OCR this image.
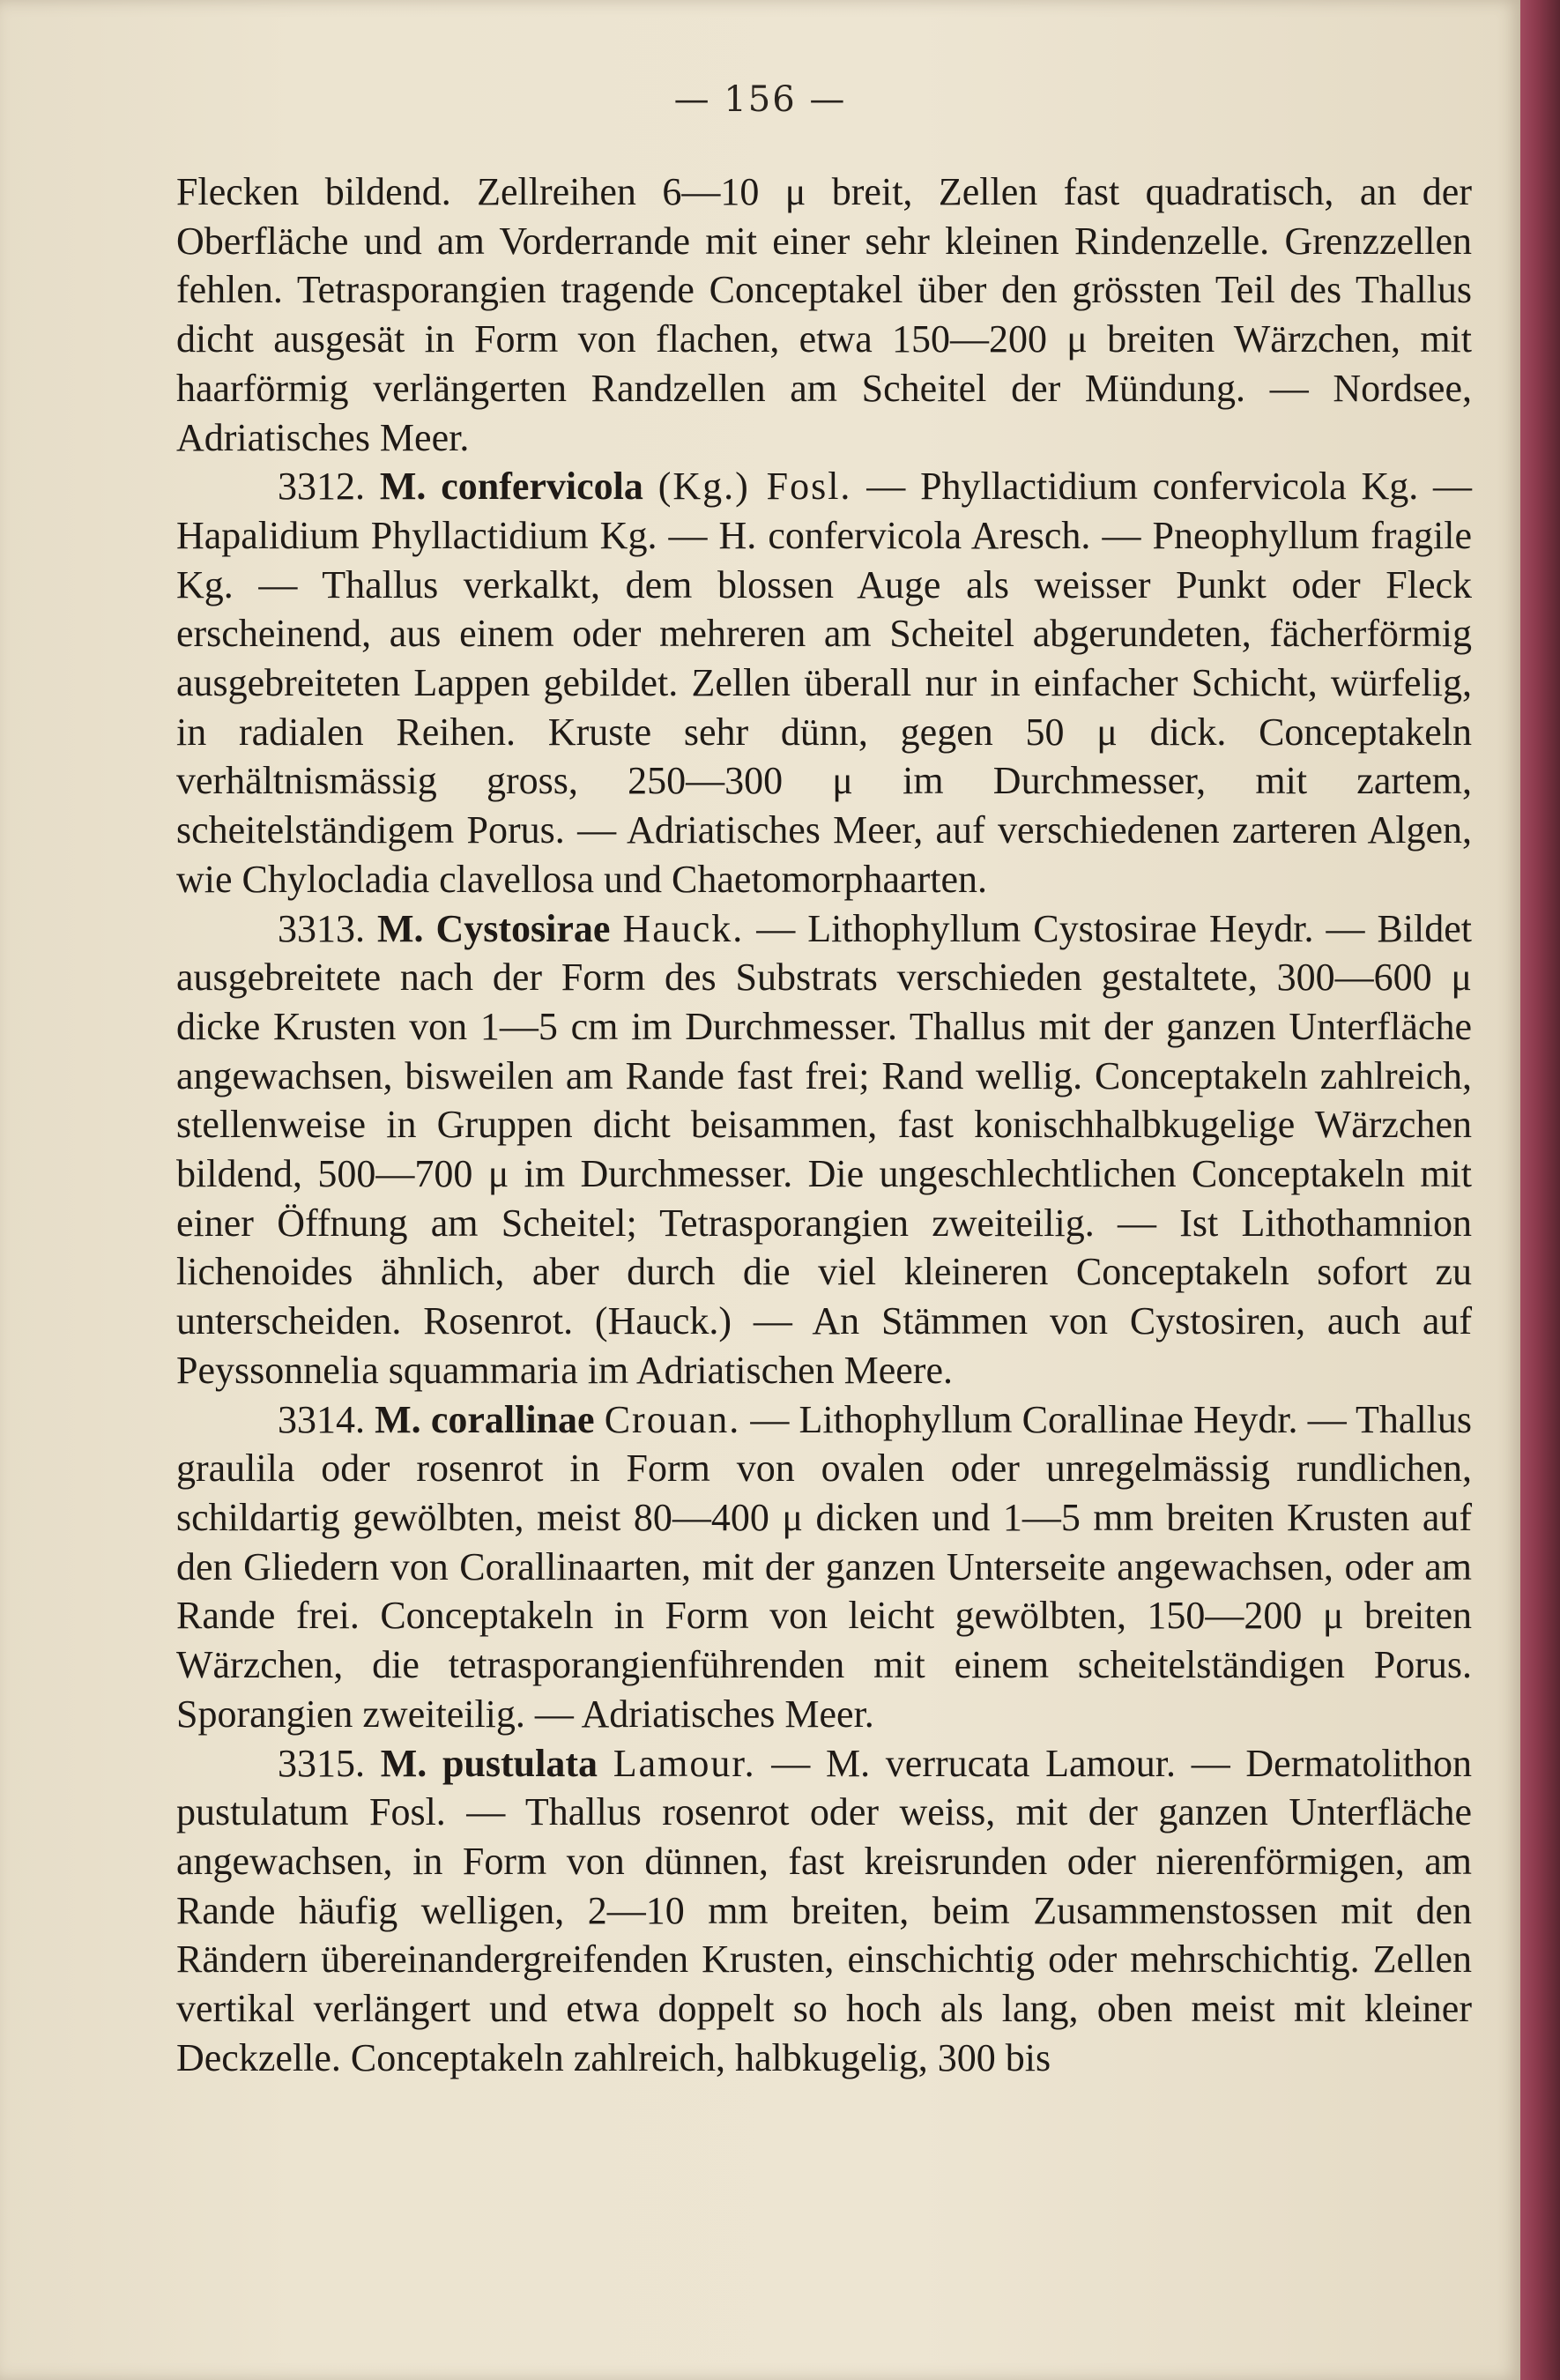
— 156 —

Flecken bildend. Zellreihen 6—10 μ breit, Zellen fast quadratisch, an der Oberfläche und am Vorderrande mit einer sehr kleinen Rindenzelle. Grenzzellen fehlen. Tetrasporangien tragende Conceptakel über den grössten Teil des Thallus dicht ausgesät in Form von flachen, etwa 150—200 μ breiten Wärzchen, mit haarförmig verlängerten Randzellen am Scheitel der Mündung. — Nordsee, Adriatisches Meer.

3312. M. confervicola (Kg.) Fosl. — Phyllactidium confervicola Kg. — Hapalidium Phyllactidium Kg. — H. confervicola Aresch. — Pneophyllum fragile Kg. — Thallus verkalkt, dem blossen Auge als weisser Punkt oder Fleck erscheinend, aus einem oder mehreren am Scheitel abgerundeten, fächerförmig ausgebreiteten Lappen gebildet. Zellen überall nur in einfacher Schicht, würfelig, in radialen Reihen. Kruste sehr dünn, gegen 50 μ dick. Conceptakeln verhältnismässig gross, 250—300 μ im Durchmesser, mit zartem, scheitelständigem Porus. — Adriatisches Meer, auf verschiedenen zarteren Algen, wie Chylocladia clavellosa und Chaetomorphaarten.

3313. M. Cystosirae Hauck. — Lithophyllum Cystosirae Heydr. — Bildet ausgebreitete nach der Form des Substrats verschieden gestaltete, 300—600 μ dicke Krusten von 1—5 cm im Durchmesser. Thallus mit der ganzen Unterfläche angewachsen, bisweilen am Rande fast frei; Rand wellig. Conceptakeln zahlreich, stellenweise in Gruppen dicht beisammen, fast konischhalbkugelige Wärzchen bildend, 500—700 μ im Durchmesser. Die ungeschlechtlichen Conceptakeln mit einer Öffnung am Scheitel; Tetrasporangien zweiteilig. — Ist Lithothamnion lichenoides ähnlich, aber durch die viel kleineren Conceptakeln sofort zu unterscheiden. Rosenrot. (Hauck.) — An Stämmen von Cystosiren, auch auf Peyssonnelia squammaria im Adriatischen Meere.

3314. M. corallinae Crouan. — Lithophyllum Corallinae Heydr. — Thallus graulila oder rosenrot in Form von ovalen oder unregelmässig rundlichen, schildartig gewölbten, meist 80—400 μ dicken und 1—5 mm breiten Krusten auf den Gliedern von Corallinaarten, mit der ganzen Unterseite angewachsen, oder am Rande frei. Conceptakeln in Form von leicht gewölbten, 150—200 μ breiten Wärzchen, die tetrasporangienführenden mit einem scheitelständigen Porus. Sporangien zweiteilig. — Adriatisches Meer.

3315. M. pustulata Lamour. — M. verrucata Lamour. — Dermatolithon pustulatum Fosl. — Thallus rosenrot oder weiss, mit der ganzen Unterfläche angewachsen, in Form von dünnen, fast kreisrunden oder nierenförmigen, am Rande häufig welligen, 2—10 mm breiten, beim Zusammenstossen mit den Rändern übereinandergreifenden Krusten, einschichtig oder mehrschichtig. Zellen vertikal verlängert und etwa doppelt so hoch als lang, oben meist mit kleiner Deckzelle. Conceptakeln zahlreich, halbkugelig, 300 bis
